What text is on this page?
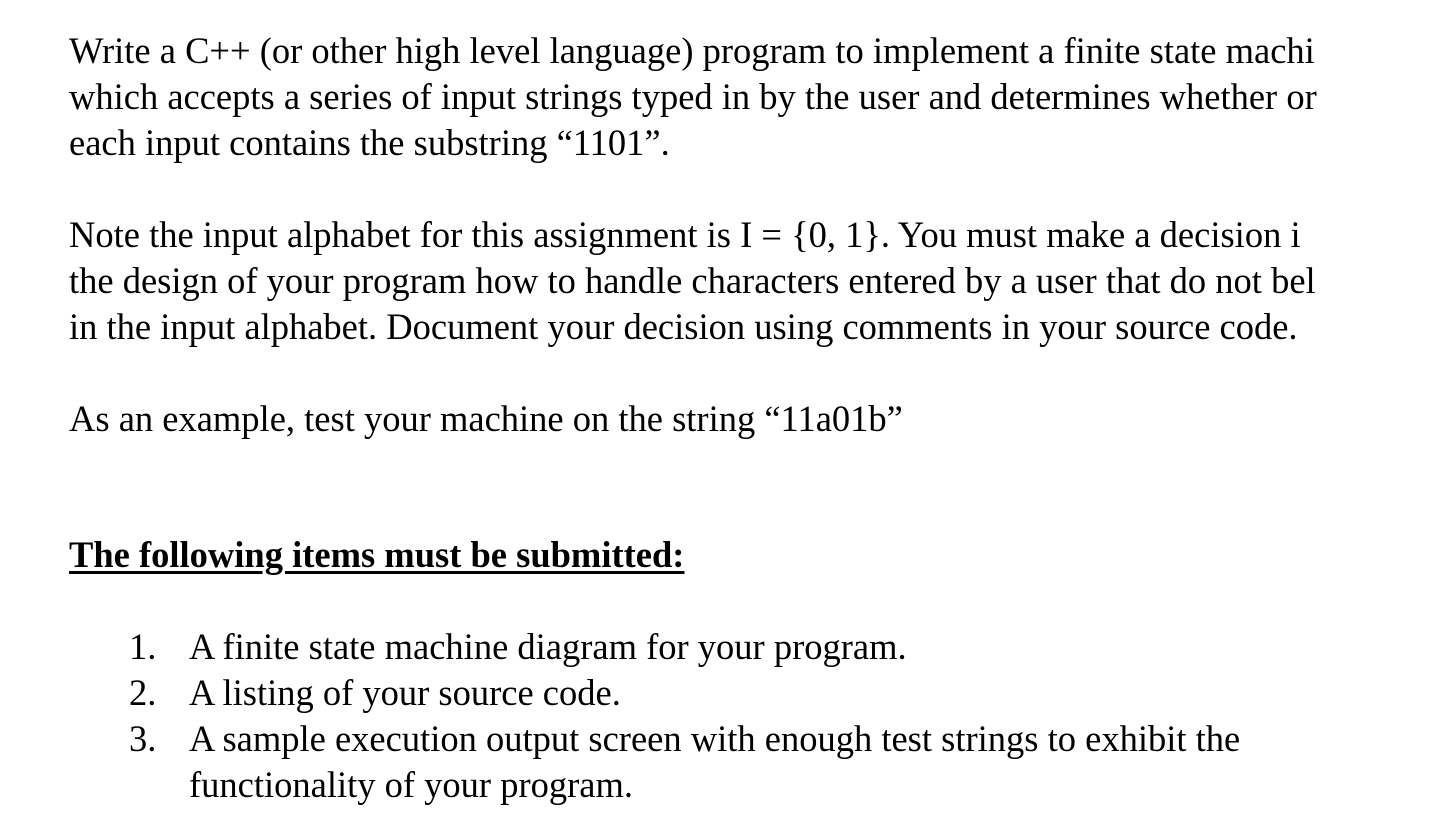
Write a C++ (or other high level language) program to implement a finite state machi
which accepts a series of input strings typed in by the user and determines whether or
each input contains the substring “1101”.
Note the input alphabet for this assignment is I = {0, 1}. You must make a decision i
the design of your program how to handle characters entered by a user that do not bel
in the input alphabet. Document your decision using comments in your source code.
As an example, test your machine on the string “11a01b”
The following items must be submitted:
1. A finite state machine diagram for your program.
2. A listing of your source code.
3. A sample execution output screen with enough test strings to exhibit the
functionality of your program.
